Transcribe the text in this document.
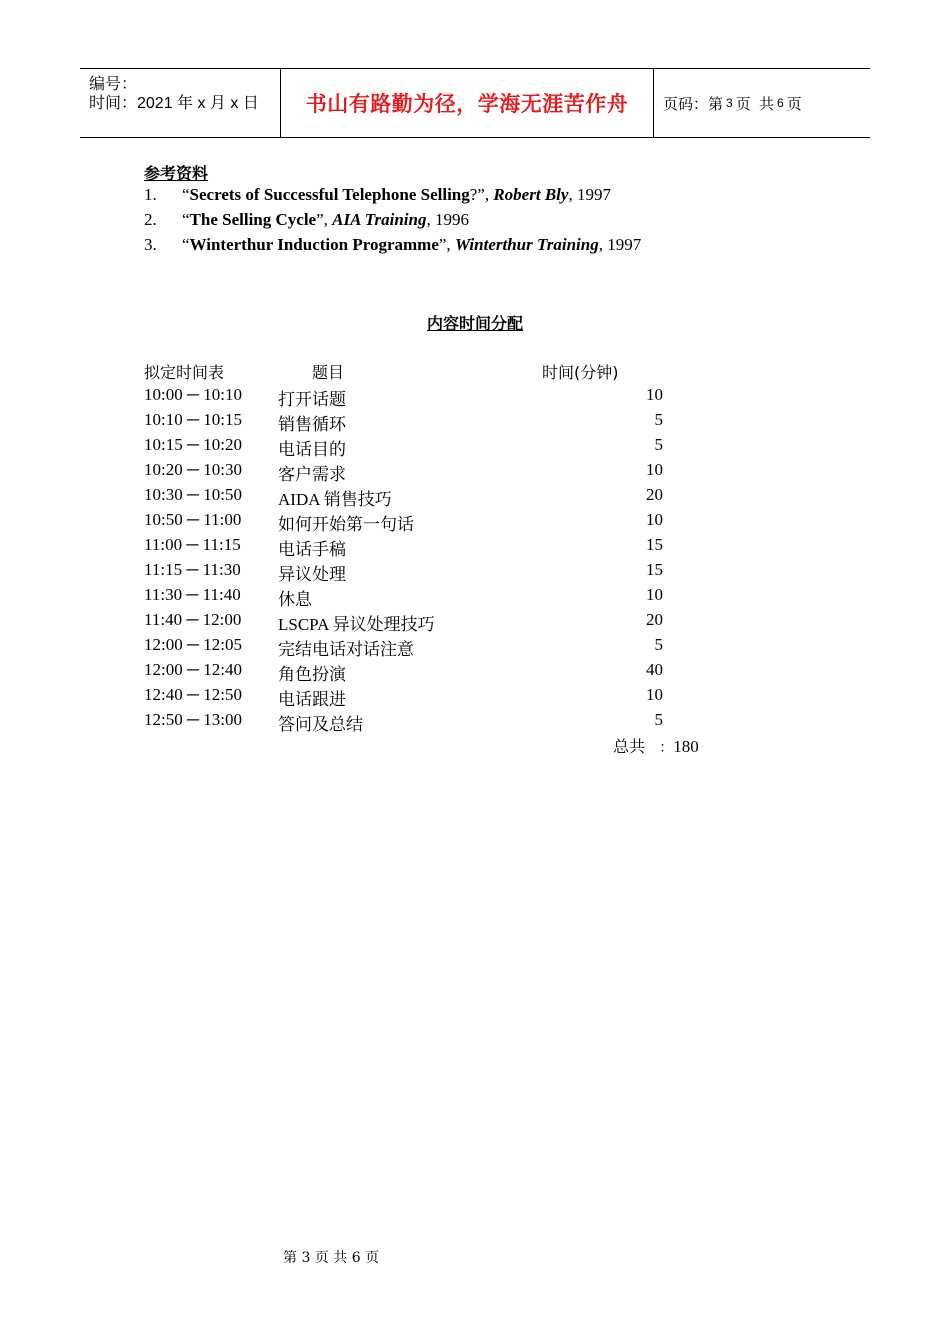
编号：
时间：2021 年 x 月 x 日 书山有路勤为径，学海无涯苦作舟 页码：第 3 页  共 6 页
参考资料
1. “Secrets of Successful Telephone Selling?”, Robert Bly, 1997
2. “The Selling Cycle”, AIA Training, 1996
3. “Winterthur Induction Programme”, Winterthur Training, 1997
内容时间分配
拟定时间表	题目	时间(分钟)
10:00 ─ 10:10 打开话题	10
10:10 ─ 10:15 销售循环	5
10:15 ─ 10:20 电话目的	5
10:20 ─ 10:30 客户需求	10
10:30 ─ 10:50 AIDA 销售技巧	20
10:50 ─ 11:00 如何开始第一句话	10
11:00 ─ 11:15 电话手稿	15
11:15 ─ 11:30 异议处理	15
11:30 ─ 11:40 休息	10
11:40 ─ 12:00 LSCPA 异议处理技巧	20
12:00 ─ 12:05 完结电话对话注意	5
12:00 ─ 12:40 角色扮演	40
12:40 ─ 12:50 电话跟进	10
12:50 ─ 13:00 答问及总结	5
总共 ：180
第 3 页 共 6 页
